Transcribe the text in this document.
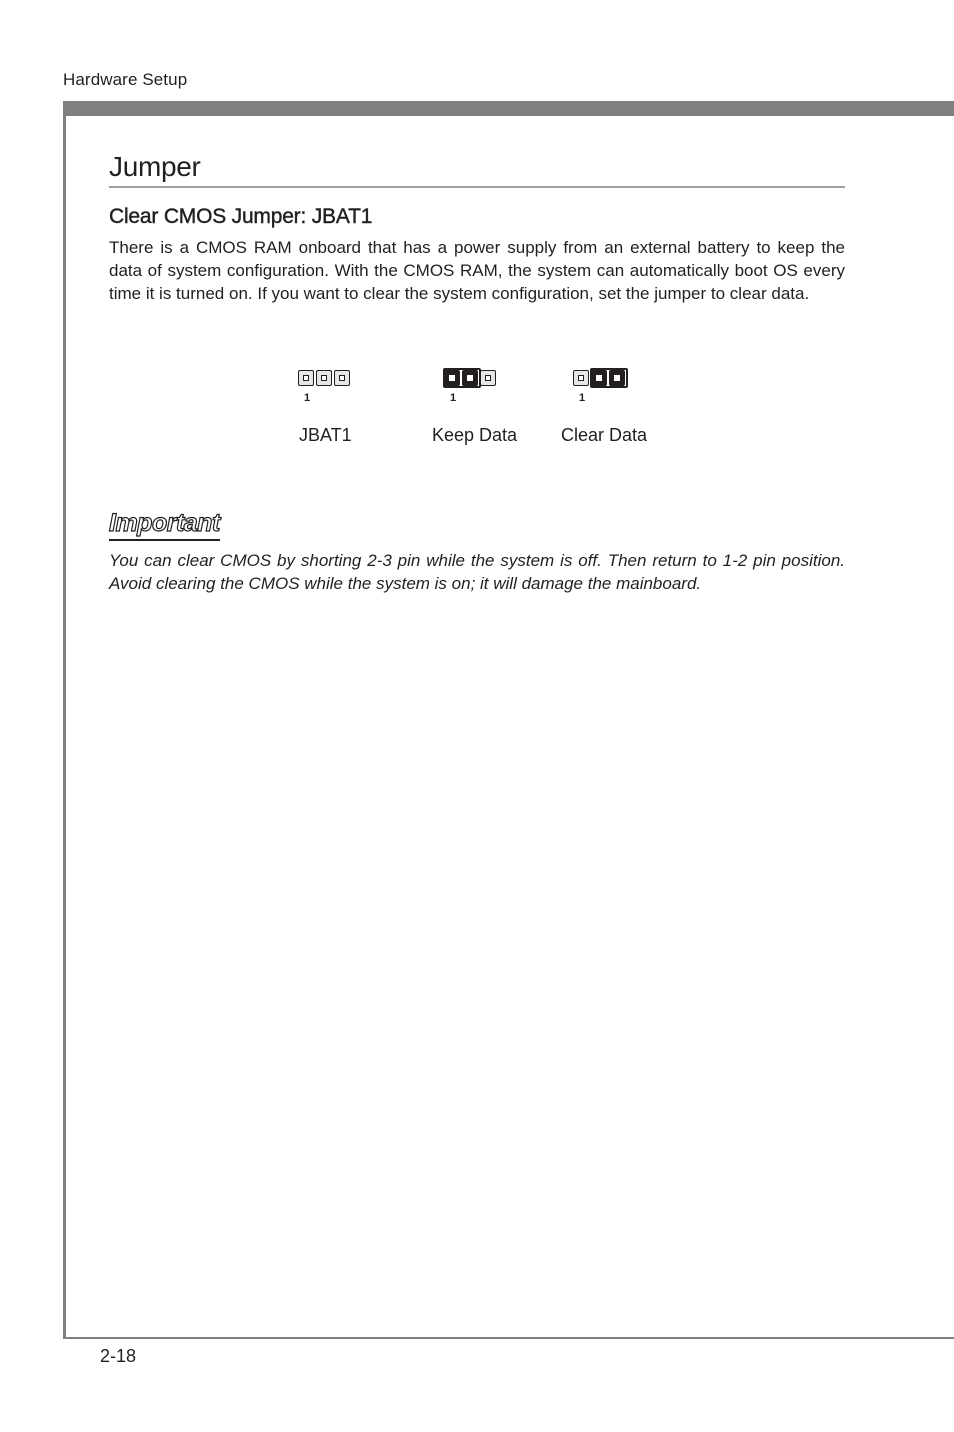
Hardware Setup
Jumper
Clear CMOS Jumper: JBAT1

There is a CMOS RAM onboard that has a power supply from an external battery to keep the data of system configuration. With the CMOS RAM, the system can automatically boot OS every time it is turned on. If you want to clear the system configuration, set the jumper to clear data.

1
JBAT1
1
Keep Data
1
Clear Data
Important

You can clear CMOS by shorting 2-3 pin while the system is off. Then return to 1-2 pin position. Avoid clearing the CMOS while the system is on; it will damage the mainboard.

2-18
